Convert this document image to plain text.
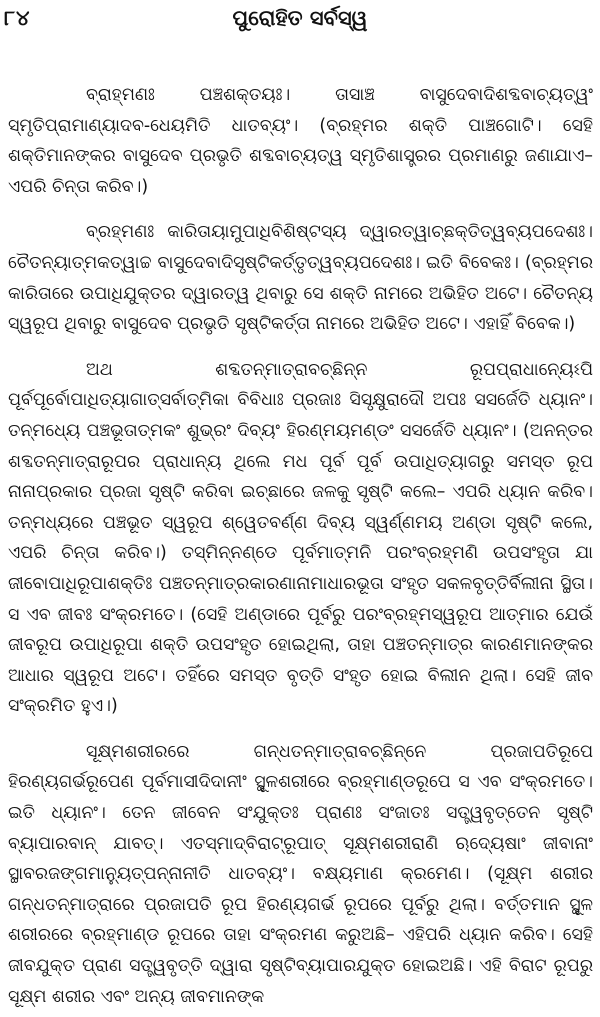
୮୪	ପୁରୋହିତ ସର୍ବସ୍ୱ

ବ୍ରାହ୍ମଣଃ ପଞ୍ଚଶକ୍ତୟଃ। ତାସାଞ୍ଚ ବାସୁଦେବାଦିଶବ୍ଦବାଚ୍ୟତ୍ୱଂ ସ୍ମୃତିପ୍ରାମାଣ୍ୟାଦବ-ଧେୟମିତି ଧାତବ୍ୟଂ। (ବ୍ରହ୍ମର ଶକ୍ତି ପାଞ୍ଚଗୋଟି। ସେହି ଶକ୍ତିମାନଙ୍କର ବାସୁଦେବ ପ୍ରଭୃତି ଶବ୍ଦବାଚ୍ୟତ୍ୱ ସ୍ମୃତିଶାସ୍ତ୍ରର ପ୍ରମାଣରୁ ଜଣାଯାଏ– ଏପରି ଚିନ୍ତା କରିବ।)

ବ୍ରହ୍ମଣଃ କାରିତାୟାମୁପାଧିବିଶିଷ୍ଟସ୍ୟ ଦ୍ୱାରତ୍ୱାଚ୍ଛକ୍ତିତ୍ୱବ୍ୟପଦେଶଃ। ଚୈତନ୍ୟାତ୍ମକତ୍ୱାଚ୍ଚ ବାସୁଦେବାଦିସୃଷ୍ଟିକର୍ତ୍ତୃତ୍ୱବ୍ୟପଦେଶଃ। ଇତି ବିବେକଃ। (ବ୍ରହ୍ମର କାରିତାରେ ଉପାଧିଯୁକ୍ତର ଦ୍ୱାରତ୍ୱ ଥିବାରୁ ସେ ଶକ୍ତି ନାମରେ ଅଭିହିତ ଅଟେ। ଚୈତନ୍ୟ ସ୍ୱରୂପ ଥିବାରୁ ବାସୁଦେବ ପ୍ରଭୃତି ସୃଷ୍ଟିକର୍ତ୍ତା ନାମରେ ଅଭିହିତ ଅଟେ। ଏହାହିଁ ବିବେକ।)

ଅଥ ଶବ୍ଦତନ୍ମାତ୍ରାବଚ୍ଛିନ୍ନ ରୂପପ୍ରାଧାନ୍ୟେଽପି ପୂର୍ବପୂର୍ବୋପାଧିତ୍ୟାଗାତ୍ସର୍ବାତ୍ମିକା ବିବିଧାଃ ପ୍ରଜାଃ ସିସୃକ୍ଷୁରାଦୌ ଅପଃ ସସର୍ଜେତି ଧ୍ୟାନଂ। ତନ୍ମଧ୍ୟେ ପଞ୍ଚଭୂତାତ୍ମକଂ ଶୁଭ୍ରଂ ଦିବ୍ୟଂ ହିରଣ୍ମୟମଣ୍ଡଂ ସସର୍ଜେତି ଧ୍ୟାନଂ। (ଅନନ୍ତର ଶବ୍ଦତନ୍ମାତ୍ରାରୂପର ପ୍ରାଧାନ୍ୟ ଥିଲେ ମଧ ପୂର୍ବ ପୂର୍ବ ଉପାଧିତ୍ୟାଗରୁ ସମସ୍ତ ରୂପ ନାନାପ୍ରକାର ପ୍ରଜା ସୃଷ୍ଟି କରିବା ଇଚ୍ଛାରେ ଜଳକୁ ସୃଷ୍ଟି କଲେ– ଏପରି ଧ୍ୟାନ କରିବ। ତନ୍ମଧ୍ୟରେ ପଞ୍ଚଭୂତ ସ୍ୱରୂପ ଶ୍ୱେତବର୍ଣ୍ଣ ଦିବ୍ୟ ସ୍ୱର୍ଣ୍ଣମୟ ଅଣ୍ଡା ସୃଷ୍ଟି କଲେ, ଏପରି ଚିନ୍ତା କରିବ।) ତସ୍ମିନ୍ନଣ୍ଡେ ପୂର୍ବମାତ୍ମନି ପରଂବ୍ରହ୍ମଣି ଉପସଂହୃତା ଯା ଜୀବୋପାଧିରୂପାଶକ୍ତିଃ ପଞ୍ଚତନ୍ମାତ୍ରକାରଣାନାମାଧାରଭୂତା ସଂହୃତ ସକଳବୃତ୍ତିର୍ବିଲୀନା ସ୍ଥିତା। ସ ଏବ ଜୀବଃ ସଂକ୍ରମତେ। (ସେହି ଅଣ୍ଡାରେ ପୂର୍ବରୁ ପରଂବ୍ରହ୍ମସ୍ୱରୂପ ଆତ୍ମାର ଯେଉଁ ଜୀବରୂପ ଉପାଧିରୂପା ଶକ୍ତି ଉପସଂହୃତ ହୋଇଥିଲା, ତାହା ପଞ୍ଚତନ୍ମାତ୍ର କାରଣମାନଙ୍କର ଆଧାର ସ୍ୱରୂପ ଅଟେ। ତହିଁରେ ସମସ୍ତ ବୃତ୍ତି ସଂହୃତ ହୋଇ ବିଲୀନ ଥିଲା। ସେହି ଜୀବ ସଂକ୍ରମିତ ହୁଏ।)

ସୂକ୍ଷ୍ମଶରୀରରେ ଗନ୍ଧତନ୍ମାତ୍ରାବଚ୍ଛିନ୍ନେ ପ୍ରଜାପତିରୂପେ ହିରଣ୍ୟଗର୍ଭରୂପେଣ ପୂର୍ବମାସୀଦିଦାନୀଂ ସ୍ଥୂଳଶରୀରେ ବ୍ରହ୍ମାଣ୍ଡରୂପେ ସ ଏବ ସଂକ୍ରମତେ। ଇତି ଧ୍ୟାନଂ। ତେନ ଜୀବେନ ସଂଯୁକ୍ତଃ ପ୍ରାଣଃ ସଂଜାତଃ ସତ୍ତ୍ୱବୃତ୍ତେନ ସୃଷ୍ଟି ବ୍ୟାପାରବାନ୍ ଯାବତ୍। ଏତସ୍ମାଦ୍‌ବିରାଟ୍‌ରୂପାତ୍ ସୂକ୍ଷ୍ମଶରୀରାଣି ଋଦ୍ୟେଷାଂ ଜୀବାନାଂ ସ୍ଥାବରଜଙ୍ଗମାନ୍ୟୁତ୍ପନ୍ନାନୀତି ଧାତବ୍ୟଂ। ବକ୍ଷ୍ୟମାଣ କ୍ରମେଣ। (ସୂକ୍ଷ୍ମ ଶରୀର ଗନ୍ଧତନ୍ମାତ୍ରାରେ ପ୍ରଜାପତି ରୂପ ହିରଣ୍ୟଗର୍ଭ ରୂପରେ ପୂର୍ବରୁ ଥିଲା। ବର୍ତ୍ତମାନ ସ୍ଥୂଳ ଶରୀରରେ ବ୍ରହ୍ମାଣ୍ଡ ରୂପରେ ତାହା ସଂକ୍ରମଣ କରୁଅଛି– ଏହିପରି ଧ୍ୟାନ କରିବ। ସେହି ଜୀବଯୁକ୍ତ ପ୍ରାଣ ସତ୍ତ୍ୱବୃତ୍ତି ଦ୍ୱାରା ସୃଷ୍ଟିବ୍ୟାପାରଯୁକ୍ତ ହୋଇଅଛି। ଏହି ବିରାଟ ରୂପରୁ ସୂକ୍ଷ୍ମ ଶରୀର ଏବଂ ଅନ୍ୟ ଜୀବମାନଙ୍କ
